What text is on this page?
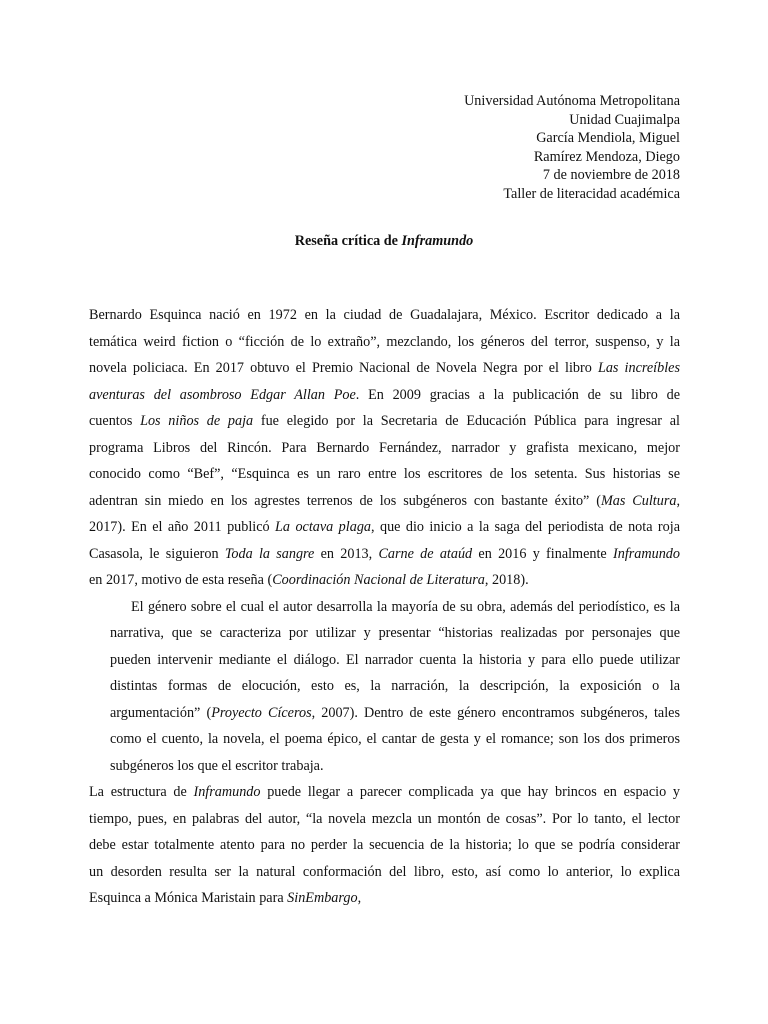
Universidad Autónoma Metropolitana
Unidad Cuajimalpa
García Mendiola, Miguel
Ramírez Mendoza, Diego
7 de noviembre de 2018
Taller de literacidad académica
Reseña crítica de Inframundo
Bernardo Esquinca nació en 1972 en la ciudad de Guadalajara, México. Escritor dedicado a la
temática weird fiction o “ficción de lo extraño”, mezclando, los géneros del terror, suspenso, y la
novela policiaca. En 2017 obtuvo el Premio Nacional de Novela Negra por el libro Las increíbles
aventuras del asombroso Edgar Allan Poe. En 2009 gracias a la publicación de su libro de
cuentos Los niños de paja fue elegido por la Secretaria de Educación Pública para ingresar al
programa Libros del Rincón. Para Bernardo Fernández, narrador y grafista mexicano, mejor
conocido como “Bef”, “Esquinca es un raro entre los escritores de los setenta. Sus historias se
adentran sin miedo en los agrestes terrenos de los subgéneros con bastante éxito” (Mas Cultura,
2017). En el año 2011 publicó La octava plaga, que dio inicio a la saga del periodista de nota roja
Casasola, le siguieron Toda la sangre en 2013, Carne de ataúd en 2016 y finalmente Inframundo
en 2017, motivo de esta reseña (Coordinación Nacional de Literatura, 2018).
El género sobre el cual el autor desarrolla la mayoría de su obra, además del periodístico, es la
narrativa, que se caracteriza por utilizar y presentar “historias realizadas por personajes que
pueden intervenir mediante el diálogo. El narrador cuenta la historia y para ello puede utilizar
distintas formas de elocución, esto es, la narración, la descripción, la exposición o la
argumentación” (Proyecto Cíceros, 2007). Dentro de este género encontramos subgéneros, tales
como el cuento, la novela, el poema épico, el cantar de gesta y el romance; son los dos primeros
subgéneros los que el escritor trabaja.
La estructura de Inframundo puede llegar a parecer complicada ya que hay brincos en espacio y
tiempo, pues, en palabras del autor, “la novela mezcla un montón de cosas”. Por lo tanto, el lector
debe estar totalmente atento para no perder la secuencia de la historia; lo que se podría considerar
un desorden resulta ser la natural conformación del libro, esto, así como lo anterior, lo explica
Esquinca a Mónica Maristain para SinEmbargo,
